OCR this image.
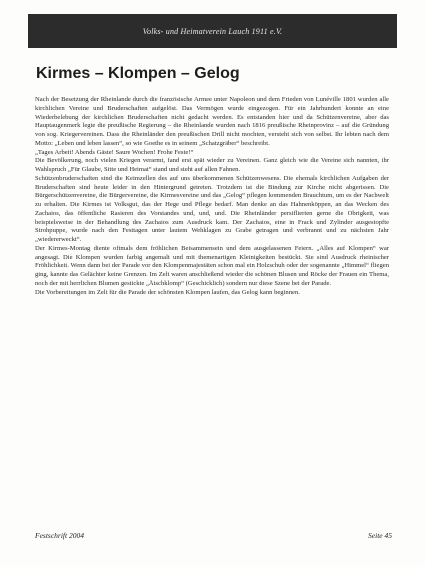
Volks- und Heimatverein Lauch 1911 e.V.
Kirmes – Klompen – Gelog

Nach der Besetzung der Rheinlande durch die französische Armee unter Napoleon und dem Frieden von Lunéville 1801 wurden alle kirchlichen Vereine und Bruderschaften aufgelöst. Das Vermögen wurde eingezogen. Für ein Jahrhundert konnte an eine Wiederbelebung der kirchlichen Bruderschaften nicht gedacht werden. Es entstanden hier und da Schützenvereine, aber das Hauptaugenmerk legte die preußische Regierung – die Rheinlande wurden nach 1816 preußische Rheinprovinz – auf die Gründung von sog. Kriegervereinen. Dass die Rheinländer den preußischen Drill nicht mochten, versteht sich von selbst. Ihr lebten nach dem Motto: „Leben und leben lassen“, so wie Goethe es in seinem „Schatzgräber“ beschreibt.

„Tages Arbeit! Abends Gäste! Saure Wochen! Frohe Feste!“

Die Bevölkerung, noch vielen Kriegen verarmt, fand erst spät wieder zu Vereinen. Ganz gleich wie die Vereine sich nannten, ihr Wahlspruch „Für Glaube, Sitte und Heimat“ stand und steht auf allen Fahnen.

Schützenbruderschaften sind die Keimzellen des auf uns überkommenen Schützenwesens. Die ehemals kirchlichen Aufgaben der Bruderschaften sind heute leider in den Hintergrund getreten. Trotzdem ist die Bindung zur Kirche nicht abgerissen. Die Bürgerschützenvereine, die Bürgervereine, die Kirmesvereine und das „Gelog“ pflegen kommenden Brauchtum, um es der Nachwelt zu erhalten. Die Kirmes ist Volksgut, das der Hege und Pflege bedarf. Man denke an das Hahnenköppen, an das Wecken des Zachaios, das öffentliche Rasieren des Vorstandes und, und, und. Die Rheinländer persiflierten gerne die Obrigkeit, was beispielsweise in der Behandlung des Zachaios zum Ausdruck kam. Der Zachaios, eine in Frack und Zylinder ausgestopfte Strohpuppe, wurde nach den Festtagen unter lautem Wehklagen zu Grabe getragen und verbrannt und zu nächsten Jahr „wiedererweckt“.

Der Kirmes-Montag diente oftmals dem fröhlichen Beisammensein und dem ausgelassenen Feiern. „Alles auf Klompen“ war angesagt. Die Klompen wurden farbig angemalt und mit themenartigen Kleinigkeiten bestückt. Sie sind Ausdruck rheinischer Fröhlichkeit. Wenn dann bei der Parade vor den Klompenmajestäten schon mal ein Holzschuh oder der sogenannte „Himmel“ fliegen ging, kannte das Gelächter keine Grenzen. Im Zelt waren anschließend wieder die schönen Blusen und Röcke der Frauen ein Thema, noch der mit herrlichen Blumen gestickte „Ätschklomp“ (Geschicklich) sondern nur diese Szene bei der Parade.

Die Vorbereitungen im Zelt für die Parade der schönsten Klompen laufen, das Gelog kann beginnen.

Festschrift 2004	Seite 45
